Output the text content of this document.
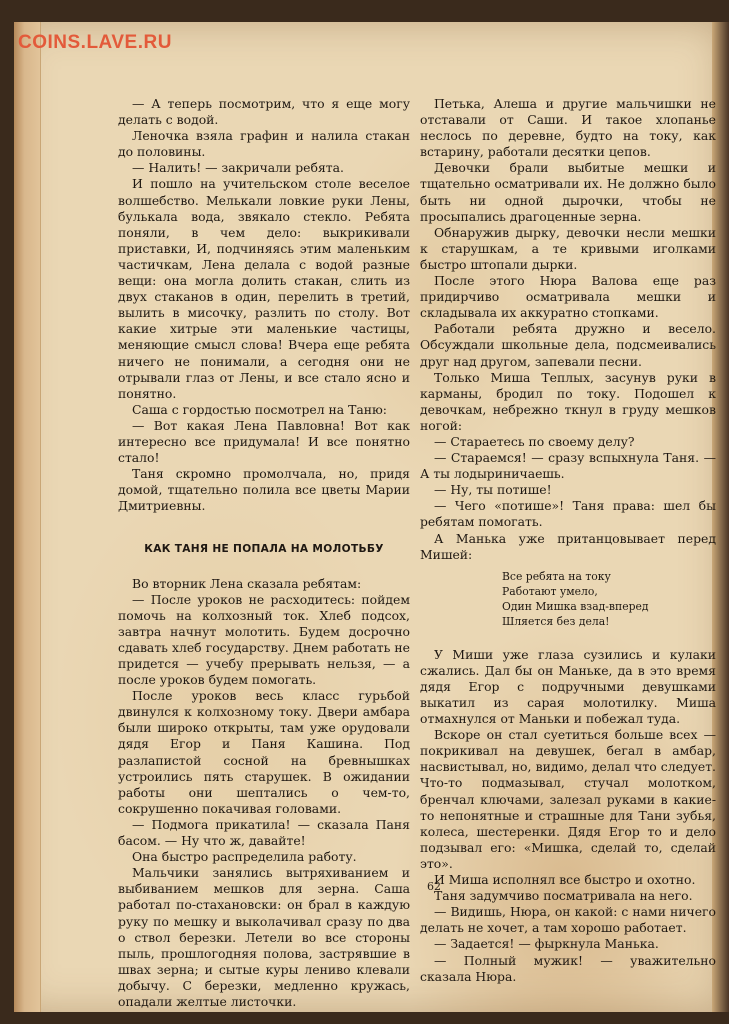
COINS.LAVE.RU

— А теперь посмотрим, что я еще могу делать с водой.

Леночка взяла графин и налила стакан до половины.

— Налить! — закричали ребята.

И пошло на учительском столе веселое волшебство. Мелькали ловкие руки Лены, булькала вода, звякало стекло. Ребята поняли, в чем дело: выкрикивали приставки, И, подчиняясь этим маленьким частичкам, Лена делала с водой разные вещи: она могла долить стакан, слить из двух стаканов в один, перелить в третий, вылить в мисочку, разлить по столу. Вот какие хитрые эти маленькие частицы, меняющие смысл слова! Вчера еще ребята ничего не понимали, а сегодня они не отрывали глаз от Лены, и все стало ясно и понятно.

Саша с гордостью посмотрел на Таню:

— Вот какая Лена Павловна! Вот как интересно все придумала! И все понятно стало!

Таня скромно промолчала, но, придя домой, тщательно полила все цветы Марии Дмитриевны.

КАК ТАНЯ НЕ ПОПАЛА НА МОЛОТЬБУ

Во вторник Лена сказала ребятам:

— После уроков не расходитесь: пойдем помочь на колхозный ток. Хлеб подсох, завтра начнут молотить. Будем досрочно сдавать хлеб государству. Днем работать не придется — учебу прерывать нельзя, — а после уроков будем помогать.

После уроков весь класс гурьбой двинулся к колхозному току. Двери амбара были широко открыты, там уже орудовали дядя Егор и Паня Кашина. Под разлапистой сосной на бревнышках устроились пять старушек. В ожидании работы они шептались о чем-то, сокрушенно покачивая головами.

— Подмога прикатила! — сказала Паня басом. — Ну что ж, давайте!

Она быстро распределила работу.

Мальчики занялись вытряхиванием и выбиванием мешков для зерна. Саша работал по-стахановски: он брал в каждую руку по мешку и выколачивал сразу по два о ствол березки. Летели во все стороны пыль, прошлогодняя полова, застрявшие в швах зерна; и сытые куры лениво клевали добычу. С березки, медленно кружась, опадали желтые листочки.

Петька, Алеша и другие мальчишки не отставали от Саши. И такое хлопанье неслось по деревне, будто на току, как встарину, работали десятки цепов.

Девочки брали выбитые мешки и тщательно осматривали их. Не должно было быть ни одной дырочки, чтобы не просыпались драгоценные зерна.

Обнаружив дырку, девочки несли мешки к старушкам, а те кривыми иголками быстро штопали дырки.

После этого Нюра Валова еще раз придирчиво осматривала мешки и складывала их аккуратно стопками.

Работали ребята дружно и весело. Обсуждали школьные дела, подсмеивались друг над другом, запевали песни.

Только Миша Теплых, засунув руки в карманы, бродил по току. Подошел к девочкам, небрежно ткнул в груду мешков ногой:

— Стараетесь по своему делу?

— Стараемся! — сразу вспыхнула Таня. — А ты лодыриничаешь.

— Ну, ты потише!

— Чего «потише»! Таня права: шел бы ребятам помогать.

А Манька уже пританцовывает перед Мишей:

Все ребята на току
Работают умело,
Один Мишка взад-вперед
Шляется без дела!

У Миши уже глаза сузились и кулаки сжались. Дал бы он Маньке, да в это время дядя Егор с подручными девушками выкатил из сарая молотилку. Миша отмахнулся от Маньки и побежал туда.

Вскоре он стал суетиться больше всех — покрикивал на девушек, бегал в амбар, насвистывал, но, видимо, делал что следует. Что-то подмазывал, стучал молотком, бренчал ключами, залезал руками в какие-то непонятные и страшные для Тани зубья, колеса, шестеренки. Дядя Егор то и дело подзывал его: «Мишка, сделай то, сделай это».

И Миша исполнял все быстро и охотно.

Таня задумчиво посматривала на него.

— Видишь, Нюра, он какой: с нами ничего делать не хочет, а там хорошо работает.

— Задается! — фыркнула Манька.

— Полный мужик! — уважительно сказала Нюра.

62
